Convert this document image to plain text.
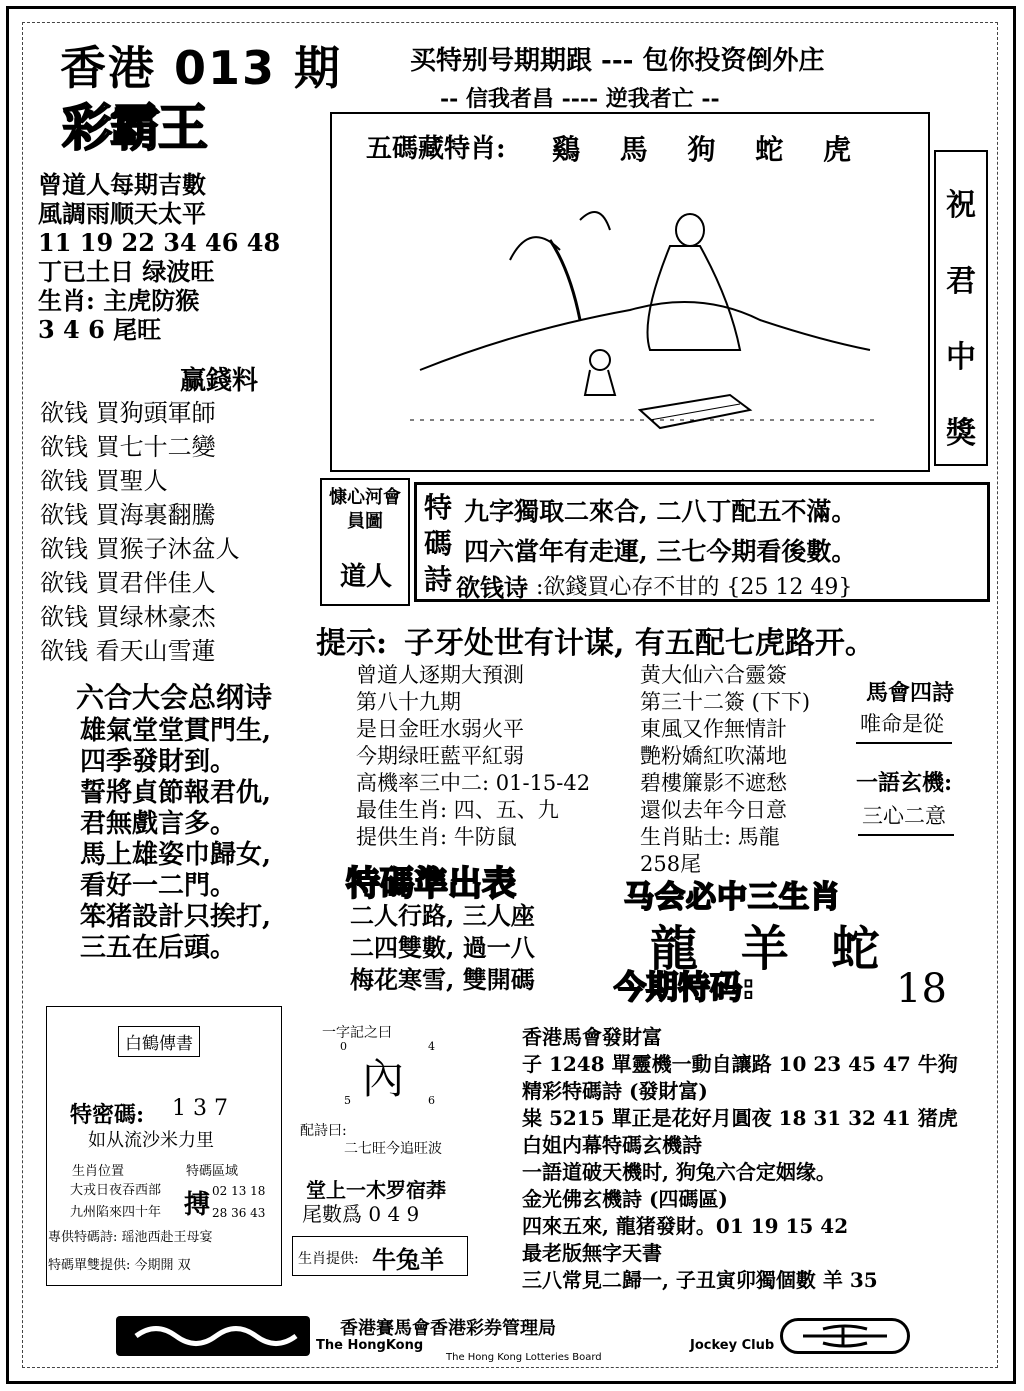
香港 013 期
彩霸王
买特别号期期跟 --- 包你投资倒外庄
-- 信我者昌 ---- 逆我者亡 --
曾道人每期吉數
風調雨顺天太平
11 19 22 34 46 48
丁已土日 绿波旺
生肖: 主虎防猴
3 4 6 尾旺
赢錢料
欲钱 買狗頭軍師
欲钱 買七十二變
欲钱 買聖人
欲钱 買海裏翻騰
欲钱 買猴子沐盆人
欲钱 買君伴佳人
欲钱 買绿林豪杰
欲钱 看天山雪蓮
五碼藏特肖: 鷄 馬 狗 蛇 虎
祝
君
中
獎
慷心河會員圖
道人
特
碼
詩
九字獨取二來合, 二八丁配五不滿。
四六當年有走運, 三七今期看後數。
欲钱诗 :欲錢買心存不甘的 {25 12 49}
提示: 子牙处世有计谋, 有五配七虎路开。
六合大会总纲诗
雄氣堂堂貫門生,
四季發財到。
誓將貞節報君仇,
君無戲言多。
馬上雄姿巾歸女,
看好一二門。
笨猪設計只挨打,
三五在后頭。
曾道人逐期大預測
第八十九期
是日金旺水弱火平
今期绿旺藍平紅弱
高機率三中二: 01-15-42
最佳生肖: 四、五、九
提供生肖: 牛防鼠
特碼準出表
二人行路, 三人座
二四雙數, 過一八
梅花寒雪, 雙開碼
黄大仙六合靈簽
第三十二簽 (下下)
東風又作無情計
艷粉嬌紅吹滿地
碧樓簾影不遮愁
還似去年今日意
生肖貼士: 馬龍
258尾
馬會四詩
唯命是從
一語玄機:
三心二意
马会必中三生肖
龍 羊 蛇
今期特码:	18
白鶴傳書
特密碼: 1 3 7
如从流沙米力里
生肖位置
大戎日夜吞西部
九州陷來四十年
特碼區域
搏 02 13 18
28 36 43
專供特碼詩: 瑶池西赴王母宴
特碼單雙提供: 今期開 双
一字記之曰
0	4
內
5	6
配詩曰:
二七旺今追旺波
堂上一木罗宿莽
尾數爲 0 4 9
生肖提供: 牛兔羊
香港馬會發財富
子 1248 單靈機一動自讓路 10 23 45 47 牛狗
精彩特碼詩 (發財富)
粜 5215 單正是花好月圓夜 18 31 32 41 猪虎
白姐内幕特碼玄機詩
一語道破天機时, 狗兔六合定姻缘。
金光佛玄機詩 (四碼區)
四來五來, 龍猪發財。01 19 15 42
最老版無字天書
三八常見二歸一, 子丑寅卯獨個數 羊 35
香港賽馬會香港彩券管理局
The HongKong	Jockey Club
The Hong Kong Lotteries Board
